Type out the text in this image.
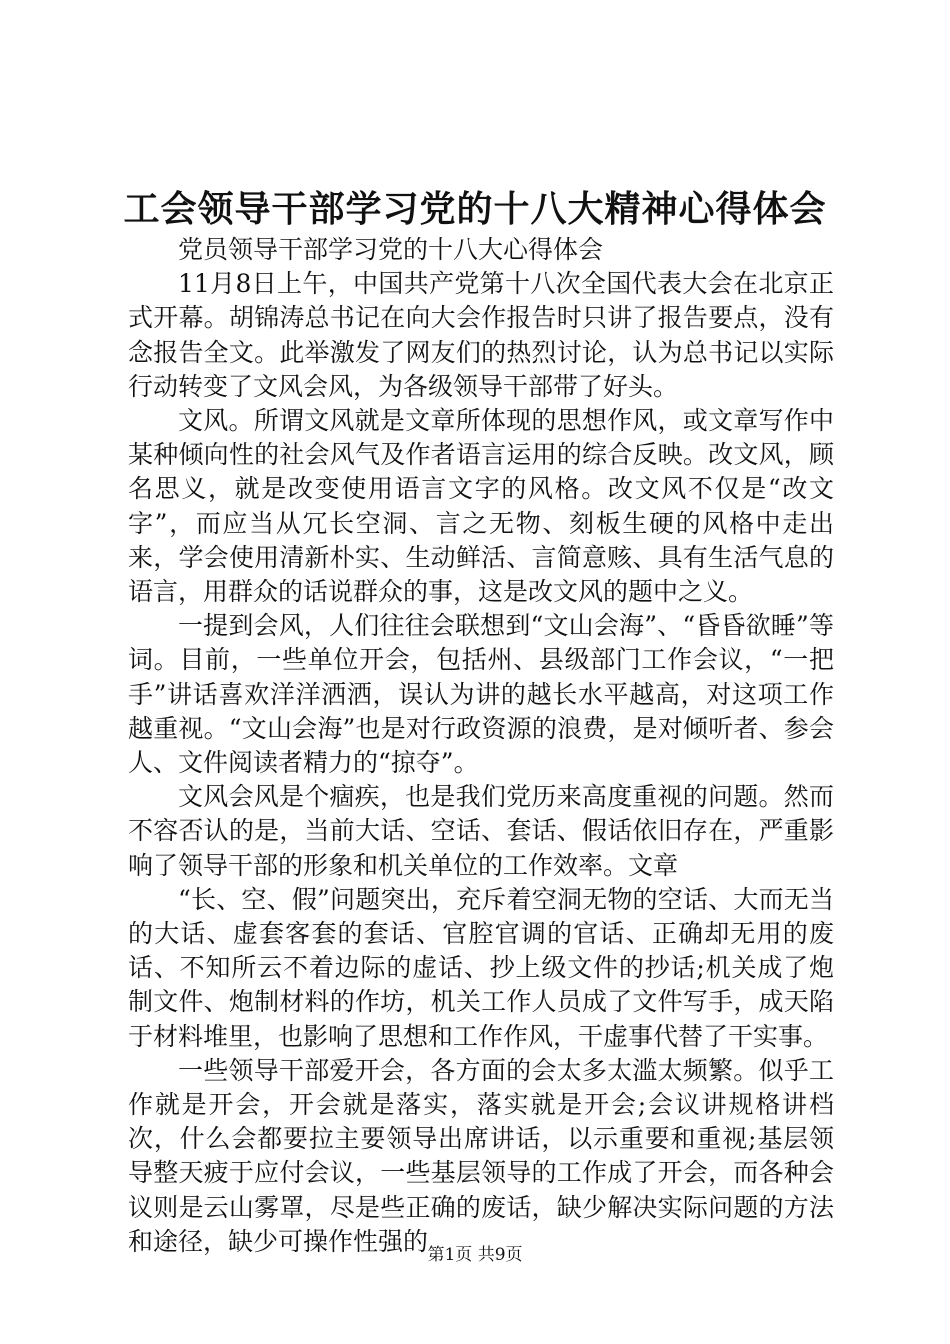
工会领导干部学习党的十八大精神心得体会

党员领导干部学习党的十八大心得体会

11月8日上午，中国共产党第十八次全国代表大会在北京正式开幕。胡锦涛总书记在向大会作报告时只讲了报告要点，没有念报告全文。此举激发了网友们的热烈讨论，认为总书记以实际行动转变了文风会风，为各级领导干部带了好头。

文风。所谓文风就是文章所体现的思想作风，或文章写作中某种倾向性的社会风气及作者语言运用的综合反映。改文风，顾名思义，就是改变使用语言文字的风格。改文风不仅是“改文字”，而应当从冗长空洞、言之无物、刻板生硬的风格中走出来，学会使用清新朴实、生动鲜活、言简意赅、具有生活气息的语言，用群众的话说群众的事，这是改文风的题中之义。

一提到会风，人们往往会联想到“文山会海”、“昏昏欲睡”等词。目前，一些单位开会，包括州、县级部门工作会议，“一把手”讲话喜欢洋洋洒洒，误认为讲的越长水平越高，对这项工作越重视。“文山会海”也是对行政资源的浪费，是对倾听者、参会人、文件阅读者精力的“掠夺”。

文风会风是个痼疾，也是我们党历来高度重视的问题。然而不容否认的是，当前大话、空话、套话、假话依旧存在，严重影响了领导干部的形象和机关单位的工作效率。文章

“长、空、假”问题突出，充斥着空洞无物的空话、大而无当的大话、虚套客套的套话、官腔官调的官话、正确却无用的废话、不知所云不着边际的虚话、抄上级文件的抄话;机关成了炮制文件、炮制材料的作坊，机关工作人员成了文件写手，成天陷于材料堆里，也影响了思想和工作作风，干虚事代替了干实事。

一些领导干部爱开会，各方面的会太多太滥太频繁。似乎工作就是开会，开会就是落实，落实就是开会;会议讲规格讲档次，什么会都要拉主要领导出席讲话，以示重要和重视;基层领导整天疲于应付会议，一些基层领导的工作成了开会，而各种会议则是云山雾罩，尽是些正确的废话，缺少解决实际问题的方法和途径，缺少可操作性强的 第1页 共9页
